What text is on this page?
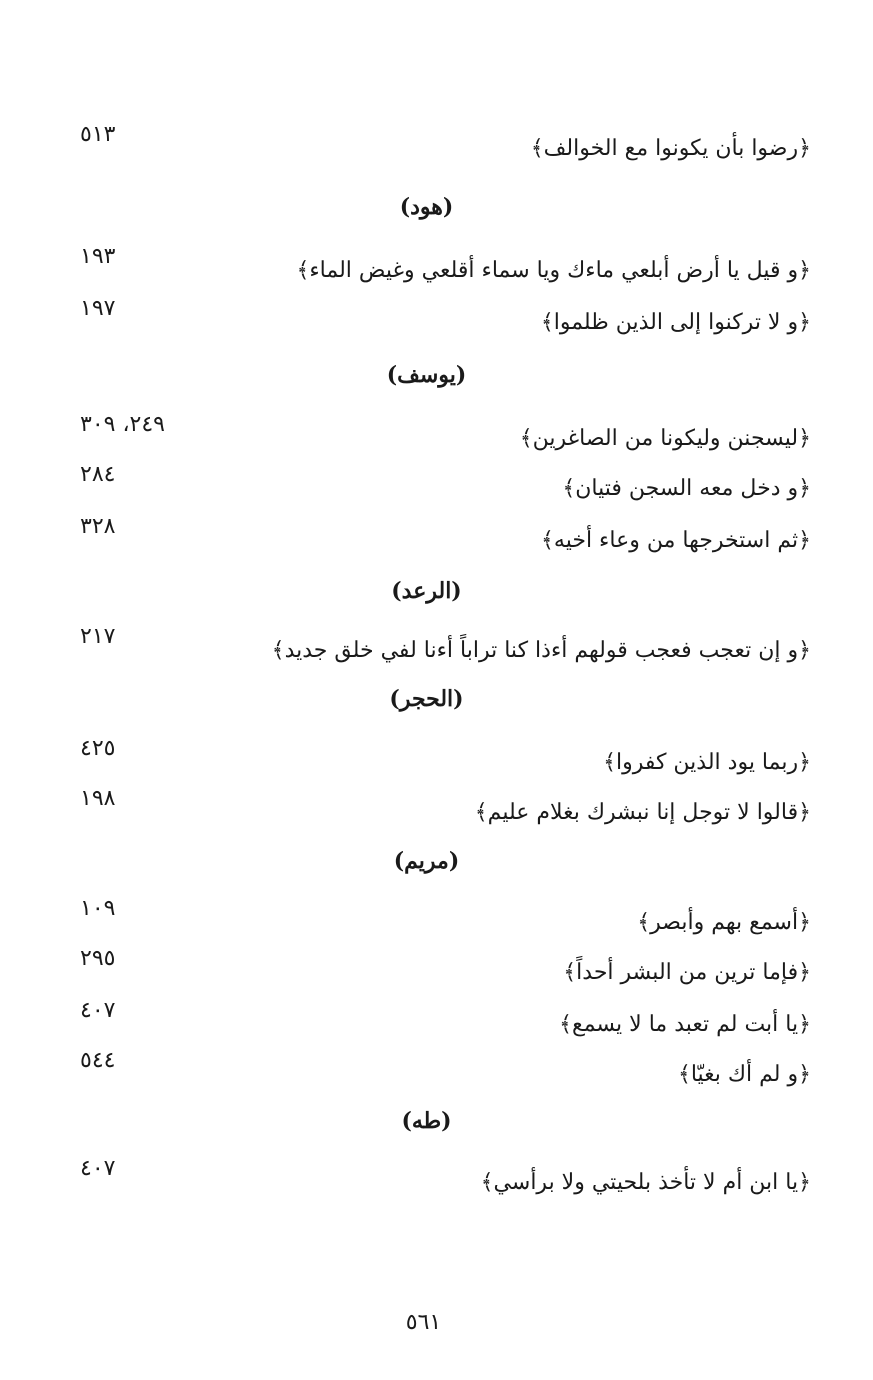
﴿رضوا بأن يكونوا مع الخوالف﴾
٥١٣
(هود)
﴿و قيل يا أرض أبلعي ماءك ويا سماء أقلعي وغيض الماء﴾
١٩٣
﴿و لا تركنوا إلى الذين ظلموا﴾
١٩٧
(يوسف)
﴿ليسجنن وليكونا من الصاغرين﴾
٢٤٩، ٣٠٩
﴿و دخل معه السجن فتيان﴾
٢٨٤
﴿ثم استخرجها من وعاء أخيه﴾
٣٢٨
(الرعد)
﴿و إن تعجب فعجب قولهم أءذا كنا تراباً أءنا لفي خلق جديد﴾
٢١٧
(الحجر)
﴿ربما يود الذين كفروا﴾
٤٢٥
﴿قالوا لا توجل إنا نبشرك بغلام عليم﴾
١٩٨
(مريم)
﴿أسمع بهم وأبصر﴾
١٠٩
﴿فإما ترين من البشر أحداً﴾
٢٩٥
﴿يا أبت لم تعبد ما لا يسمع﴾
٤٠٧
﴿و لم أك بغيّا﴾
٥٤٤
(طه)
﴿يا ابن أم لا تأخذ بلحيتي ولا برأسي﴾
٤٠٧
٥٦١
